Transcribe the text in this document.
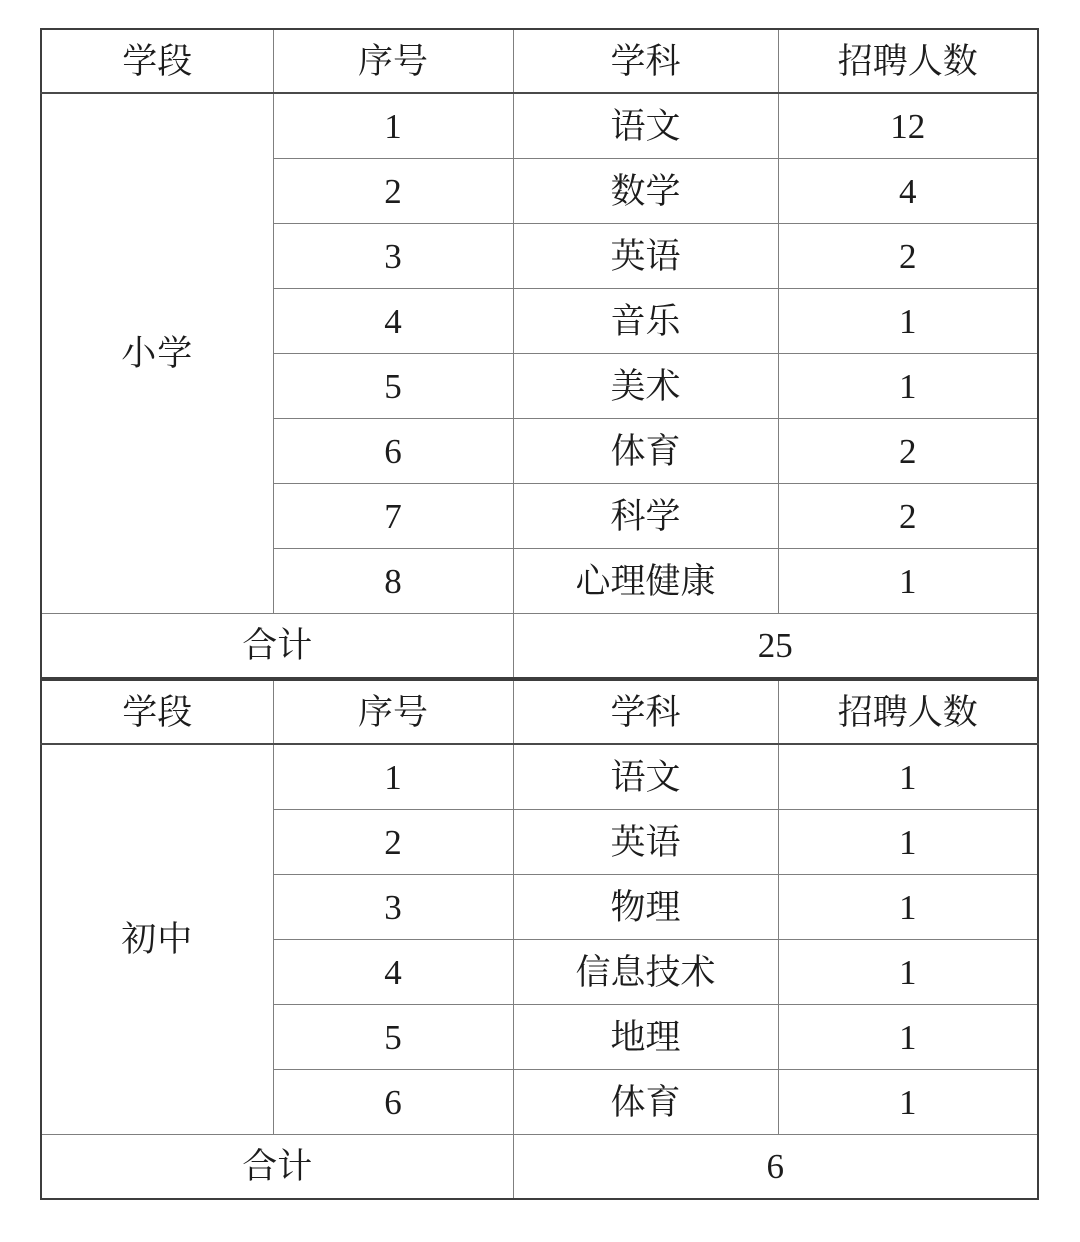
学段	序号	学科	招聘人数
小学	1	语文	12
	2	数学	4
	3	英语	2
	4	音乐	1
	5	美术	1
	6	体育	2
	7	科学	2
	8	心理健康	1
合计		25	
学段	序号	学科	招聘人数
初中	1	语文	1
	2	英语	1
	3	物理	1
	4	信息技术	1
	5	地理	1
	6	体育	1
合计		6	
